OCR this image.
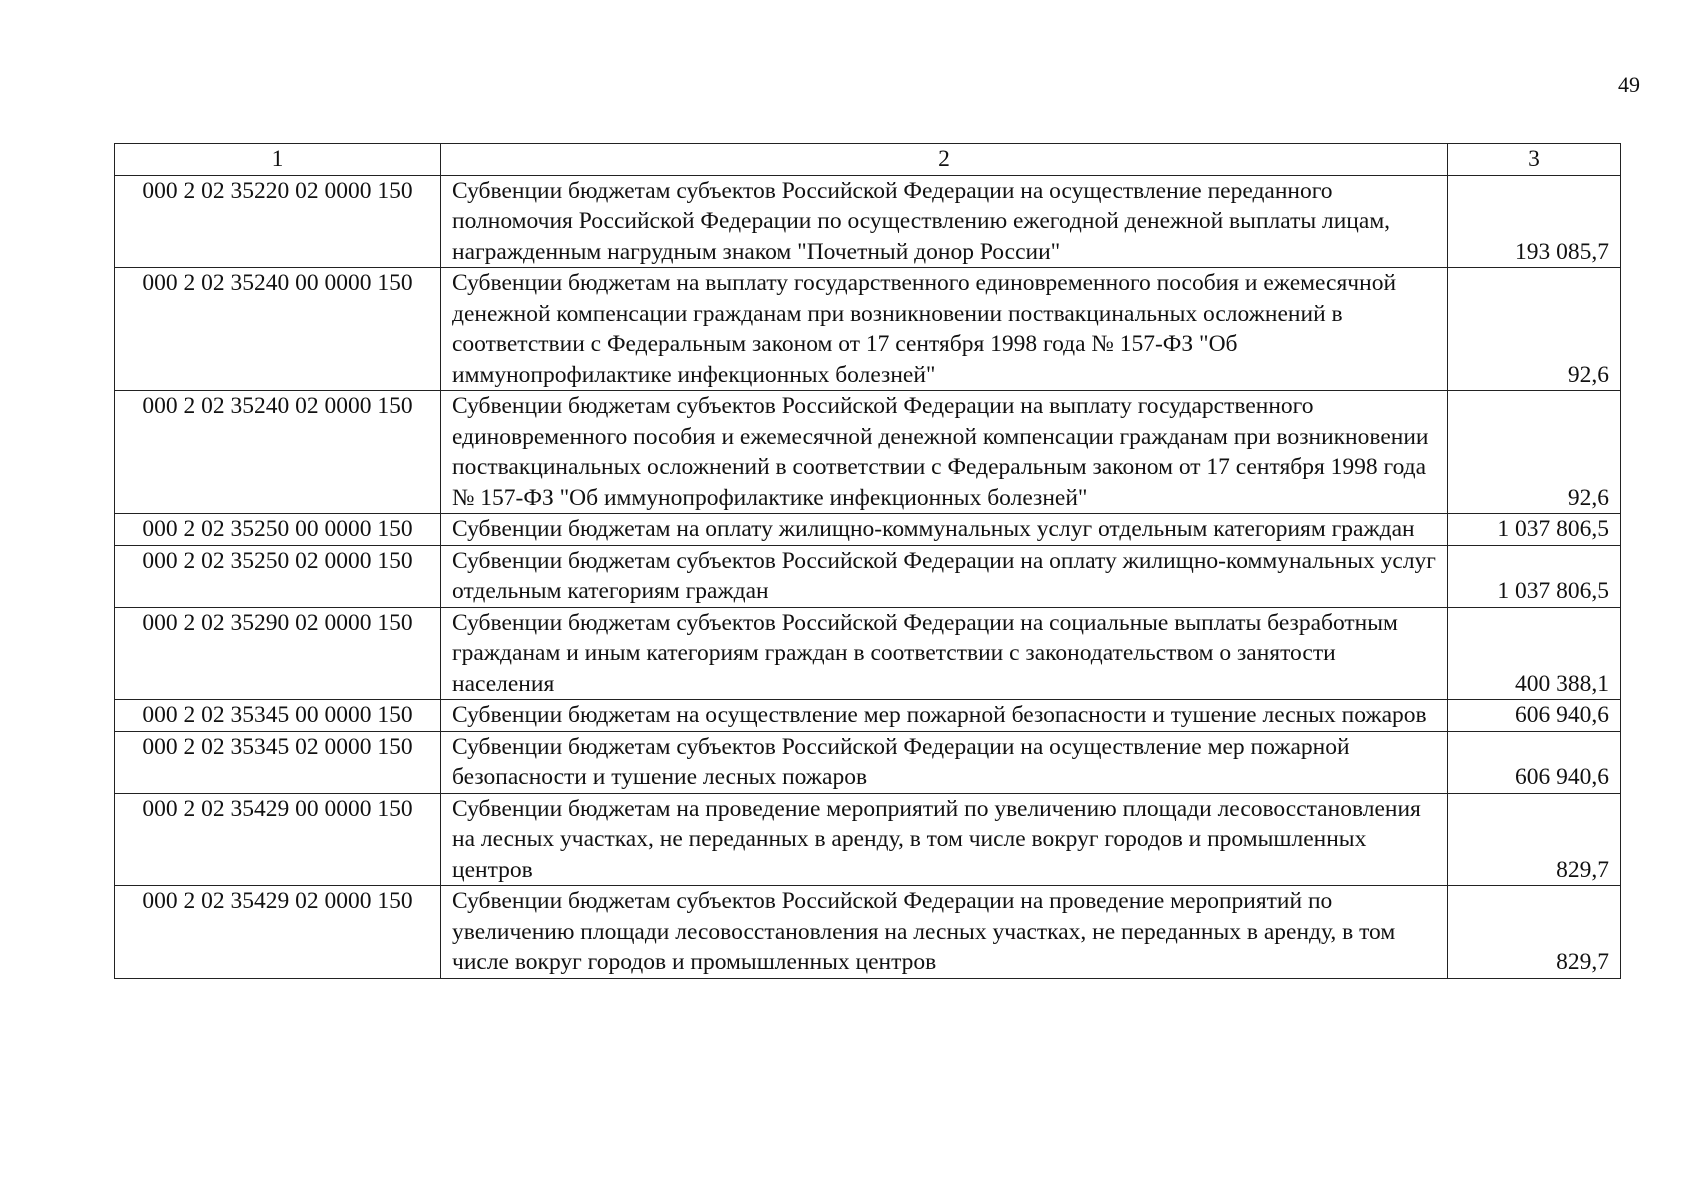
49
1	2	3
000 2 02 35220 02 0000 150	Субвенции бюджетам субъектов Российской Федерации на осуществление переданного полномочия Российской Федерации по осуществлению ежегодной денежной выплаты лицам, награжденным нагрудным знаком "Почетный донор России"	193 085,7
000 2 02 35240 00 0000 150	Субвенции бюджетам на выплату государственного единовременного пособия и ежемесячной денежной компенсации гражданам при возникновении поствакцинальных осложнений в соответствии с Федеральным законом от 17 сентября 1998 года № 157-ФЗ "Об иммунопрофилактике инфекционных болезней"	92,6
000 2 02 35240 02 0000 150	Субвенции бюджетам субъектов Российской Федерации на выплату государственного единовременного пособия и ежемесячной денежной компенсации гражданам при возникновении поствакцинальных осложнений в соответствии с Федеральным законом от 17 сентября 1998 года № 157-ФЗ "Об иммунопрофилактике инфекционных болезней"	92,6
000 2 02 35250 00 0000 150	Субвенции бюджетам на оплату жилищно-коммунальных услуг отдельным категориям граждан	1 037 806,5
000 2 02 35250 02 0000 150	Субвенции бюджетам субъектов Российской Федерации на оплату жилищно-коммунальных услуг отдельным категориям граждан	1 037 806,5
000 2 02 35290 02 0000 150	Субвенции бюджетам субъектов Российской Федерации на социальные выплаты безработным гражданам и иным категориям граждан в соответствии с законодательством о занятости населения	400 388,1
000 2 02 35345 00 0000 150	Субвенции бюджетам на осуществление мер пожарной безопасности и тушение лесных пожаров	606 940,6
000 2 02 35345 02 0000 150	Субвенции бюджетам субъектов Российской Федерации на осуществление мер пожарной безопасности и тушение лесных пожаров	606 940,6
000 2 02 35429 00 0000 150	Субвенции бюджетам на проведение мероприятий по увеличению площади лесовосстановления на лесных участках, не переданных в аренду, в том числе вокруг городов и промышленных центров	829,7
000 2 02 35429 02 0000 150	Субвенции бюджетам субъектов Российской Федерации на проведение мероприятий по увеличению площади лесовосстановления на лесных участках, не переданных в аренду, в том числе вокруг городов и промышленных центров	829,7
